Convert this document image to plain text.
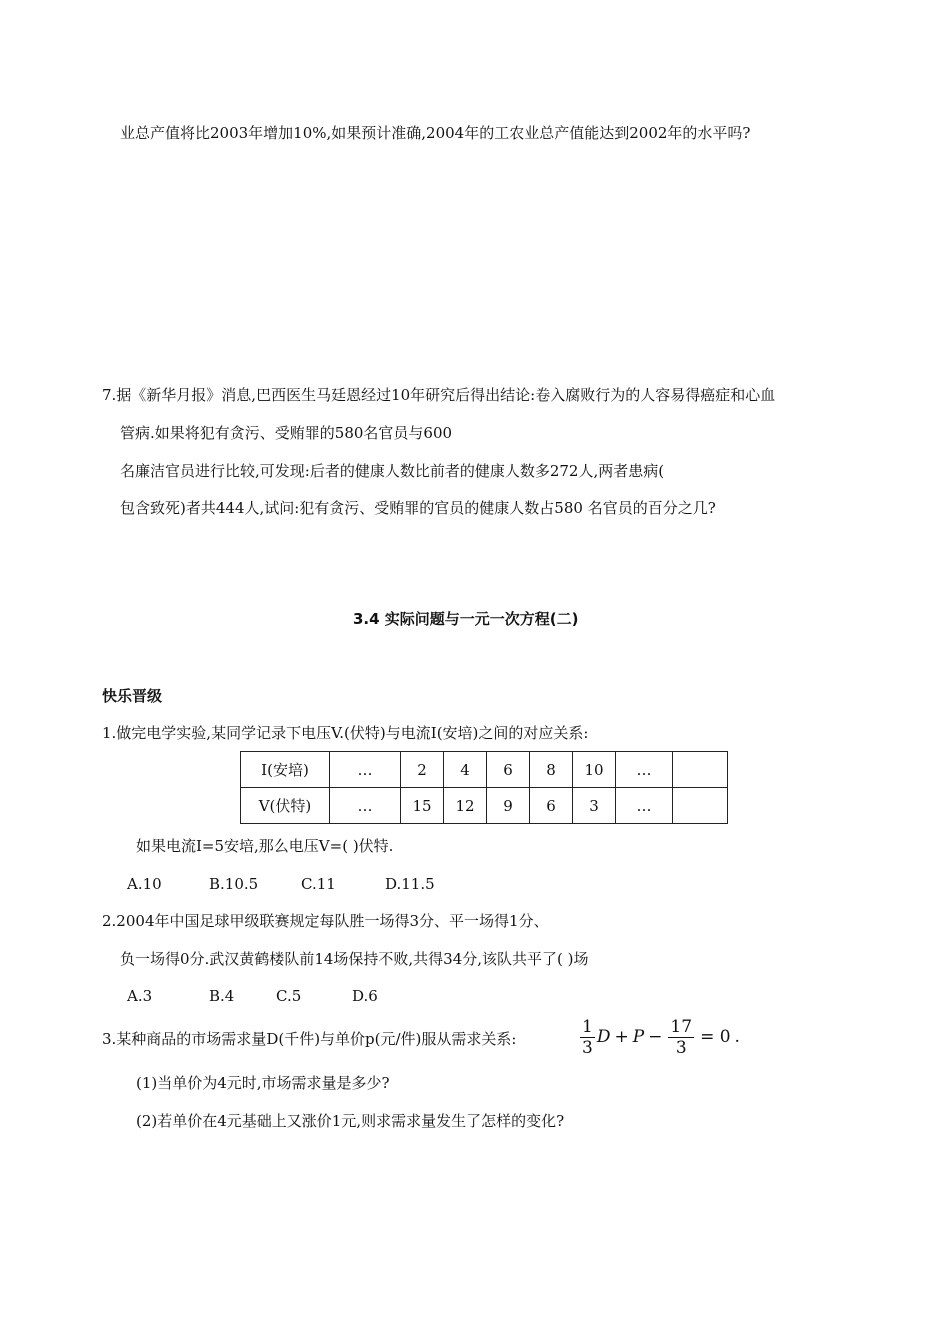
业总产值将比2003年增加10%,如果预计准确,2004年的工农业总产值能达到2002年的水平吗?
7.据《新华月报》消息,巴西医生马廷恩经过10年研究后得出结论:卷入腐败行为的人容易得癌症和心血
管病.如果将犯有贪污、受贿罪的580名官员与600
名廉洁官员进行比较,可发现:后者的健康人数比前者的健康人数多272人,两者患病(
包含致死)者共444人,试问:犯有贪污、受贿罪的官员的健康人数占580 名官员的百分之几?
3.4 实际问题与一元一次方程(二)
快乐晋级
1.做完电学实验,某同学记录下电压V.(伏特)与电流I(安培)之间的对应关系:
I(安培)	…	2	4	6	8	10	…	
V(伏特)	…	15	12	9	6	3	…	
如果电流I=5安培,那么电压V=( )伏特.
A.10	B.10.5	C.11	D.11.5
2.2004年中国足球甲级联赛规定每队胜一场得3分、平一场得1分、
负一场得0分.武汉黄鹤楼队前14场保持不败,共得34分,该队共平了( )场
A.3	B.4	C.5	D.6
3.某种商品的市场需求量D(千件)与单价p(元/件)服从需求关系:	$\frac{1}{3}$ $D + P - \frac{17}{3} = 0$ .
(1)当单价为4元时,市场需求量是多少?
(2)若单价在4元基础上又涨价1元,则求需求量发生了怎样的变化?
